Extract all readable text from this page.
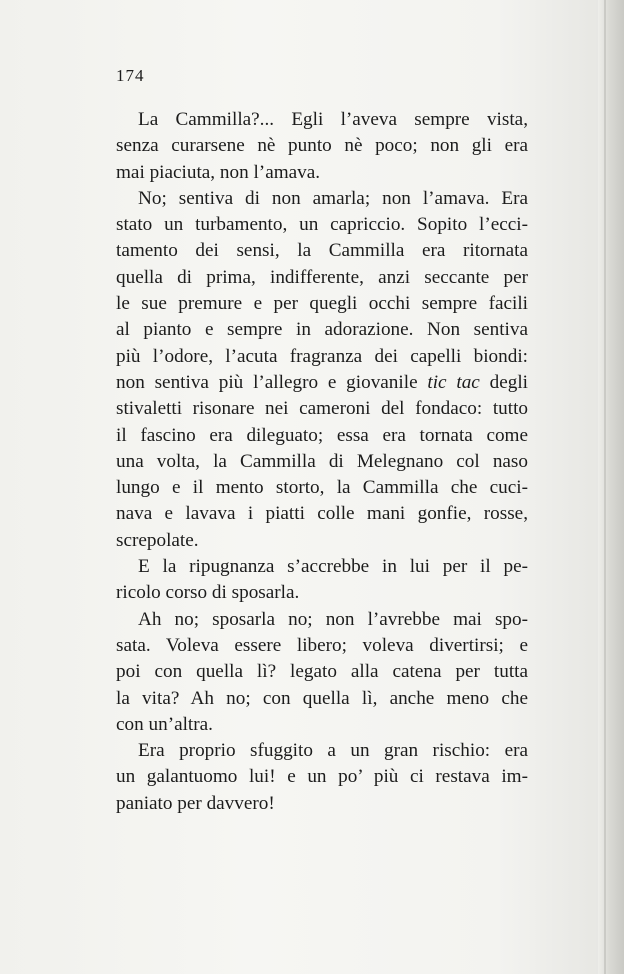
174
La Cammilla?... Egli l’aveva sempre vista,
senza curarsene nè punto nè poco; non gli era
mai piaciuta, non l’amava.
No; sentiva di non amarla; non l’amava. Era
stato un turbamento, un capriccio. Sopito l’ecci-
tamento dei sensi, la Cammilla era ritornata
quella di prima, indifferente, anzi seccante per
le sue premure e per quegli occhi sempre facili
al pianto e sempre in adorazione. Non sentiva
più l’odore, l’acuta fragranza dei capelli biondi:
non sentiva più l’allegro e giovanile tic tac degli
stivaletti risonare nei cameroni del fondaco: tutto
il fascino era dileguato; essa era tornata come
una volta, la Cammilla di Melegnano col naso
lungo e il mento storto, la Cammilla che cuci-
nava e lavava i piatti colle mani gonfie, rosse,
screpolate.
E la ripugnanza s’accrebbe in lui per il pe-
ricolo corso di sposarla.
Ah no; sposarla no; non l’avrebbe mai spo-
sata. Voleva essere libero; voleva divertirsi; e
poi con quella lì? legato alla catena per tutta
la vita? Ah no; con quella lì, anche meno che
con un’altra.
Era proprio sfuggito a un gran rischio: era
un galantuomo lui! e un po’ più ci restava im-
paniato per davvero!
